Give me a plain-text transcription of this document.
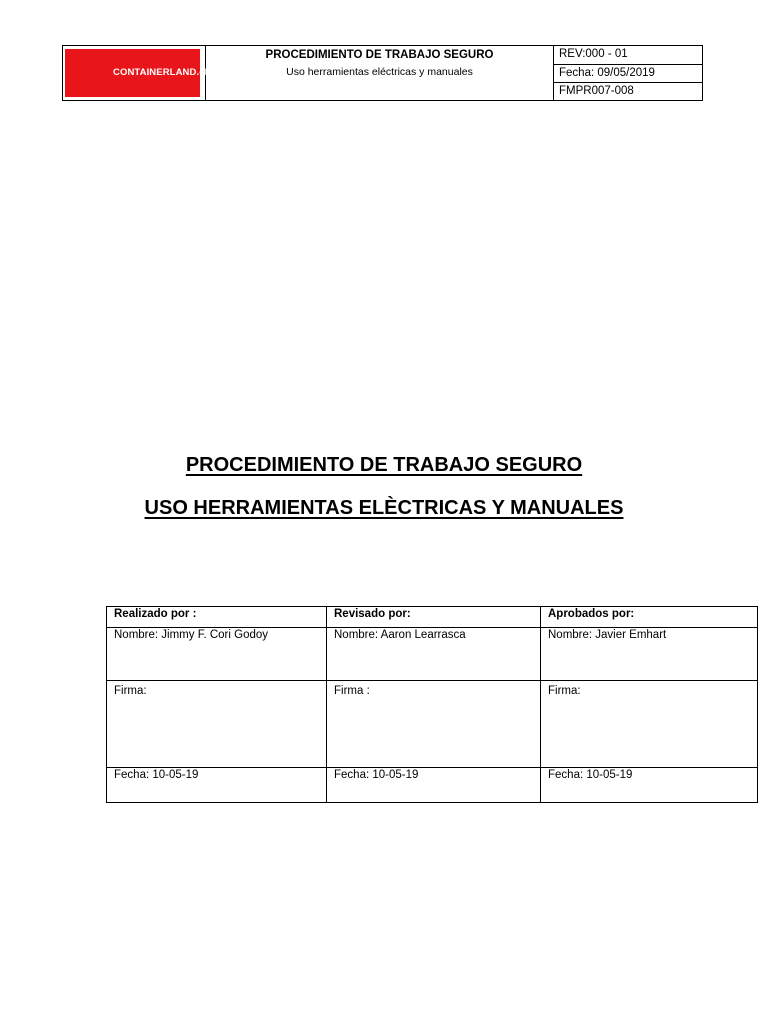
CONTAINERLAND.cl
PROCEDIMIENTO DE TRABAJO SEGURO
Uso herramientas eléctricas y manuales
REV:000 - 01
Fecha: 09/05/2019
FMPR007-008
PROCEDIMIENTO DE TRABAJO SEGURO
USO HERRAMIENTAS ELÈCTRICAS Y MANUALES
Realizado por :	Revisado por:	Aprobados por:
Nombre: Jimmy F. Cori Godoy	Nombre: Aaron Learrasca	Nombre: Javier Emhart
Firma:	Firma :	Firma:
Fecha: 10-05-19	Fecha: 10-05-19	Fecha: 10-05-19
